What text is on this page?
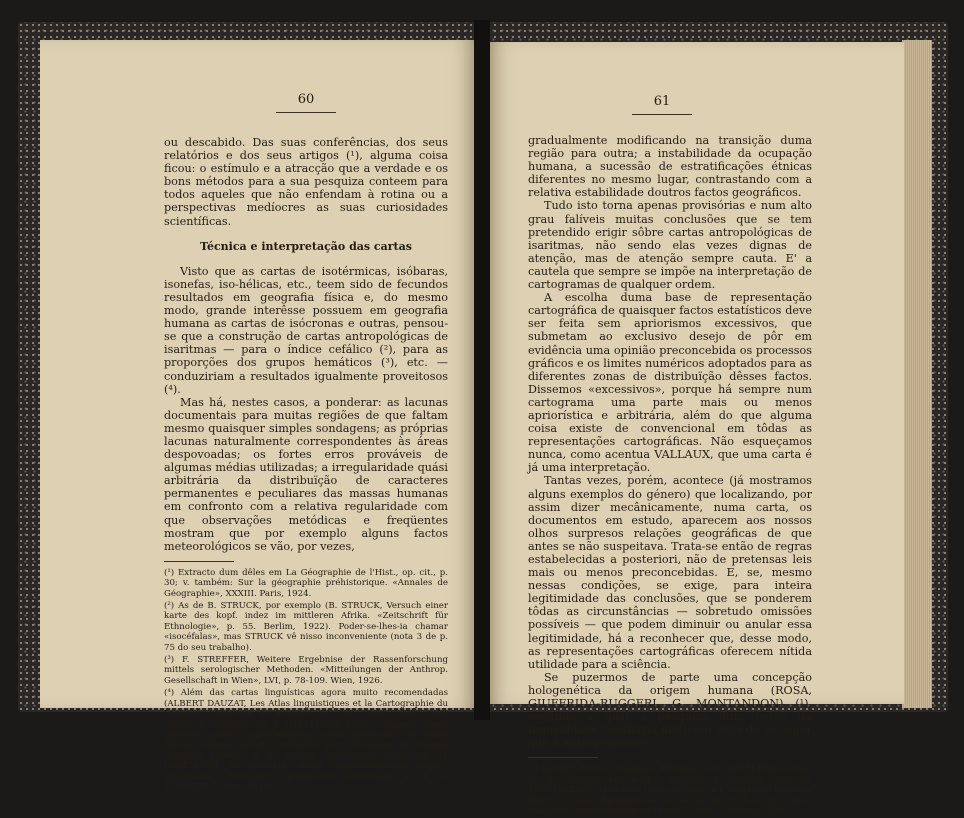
60

ou descabido. Das suas conferências, dos seus relatórios e dos seus artigos (¹), alguma coisa ficou: o estímulo e a atracção que a verdade e os bons métodos para a sua pesquiza conteem para todos aqueles que não enfendam à rotina ou a perspectivas medíocres as suas curiosidades scientíficas.

Técnica e interpretação das cartas

Visto que as cartas de isotérmicas, isóbaras, isonefas, iso-hélicas, etc., teem sido de fecundos resultados em geografia física e, do mesmo modo, grande interêsse possuem em geografia humana as cartas de isócronas e outras, pensou-se que a construção de cartas antropológicas de isaritmas — para o índice cefálico (²), para as proporções dos grupos hemáticos (³), etc. — conduziriam a resultados igualmente proveitosos (⁴).

Mas há, nestes casos, a ponderar: as lacunas documentais para muitas regiões de que faltam mesmo quaisquer simples sondagens; as próprias lacunas naturalmente correspondentes às áreas despovoadas; os fortes erros prováveis de algumas médias utilizadas; a irregularidade quási arbitrária da distribuïção de caracteres permanentes e peculiares das massas humanas em confronto com a relativa regularidade com que observações metódicas e freqüentes mostram que por exemplo alguns factos meteorológicos se vão, por vezes,

(¹) Extracto dum dêles em La Géographie de l'Hist., op. cit., p. 30; v. também: Sur la géographie préhistorique. «Annales de Géographie», XXXIII. Paris, 1924.

(²) As de B. STRUCK, por exemplo (B. STRUCK, Versuch einer karte des kopf. indez im mittleren Afrika. «Zeitschrift für Ethnologie», p. 55. Berlim, 1922). Poder-se-lhes-ia chamar «isocéfalas», mas STRUCK vê nisso inconveniente (nota 3 de p. 75 do seu trabalho).

(³) F. STREFFER, Weitere Ergebnise der Rassenforschung mittels serologischer Methoden. «Mitteilungen der Anthrop. Gesellschaft in Wien», LVI, p. 78-109. Wien, 1926.

(⁴) Além das cartas linguísticas agora muito recomendadas (ALBERT DAUZAT, Les Atlas linguistiques et la Cartographie du Langage. «Mercure de France», n.º 732. Paris, 1928), cabe referir a tentativa de J. IMBELLONI para o traçado duma primeira cadeia isoglossemática oceano-americana. Os anéis dessas cadeias seriam formados por glossemas da mesma natureza fonética e da mesma significação semântica. (J. IMBELLONI, La première chaîne isoglossématique océano-américaine. «Festschrift, publication d'hommage au P. W. SCHMIDT». Wien, 1928).

61

gradualmente modificando na transição duma região para outra; a instabilidade da ocupação humana, a sucessão de estratificações étnicas diferentes no mesmo lugar, contrastando com a relativa estabilidade doutros factos geográficos.

Tudo isto torna apenas provisórias e num alto grau falíveis muitas conclusões que se tem pretendido erigir sôbre cartas antropológicas de isaritmas, não sendo elas vezes dignas de atenção, mas de atenção sempre cauta. E' a cautela que sempre se impõe na interpretação de cartogramas de qualquer ordem.

A escolha duma base de representação cartográfica de quaisquer factos estatísticos deve ser feita sem apriorismos excessivos, que submetam ao exclusivo desejo de pôr em evidência uma opinião preconcebida os processos gráficos e os limites numéricos adoptados para as diferentes zonas de distribuïção dêsses factos. Dissemos «excessivos», porque há sempre num cartograma uma parte mais ou menos apriorística e arbitrária, além do que alguma coisa existe de convencional em tôdas as representações cartográficas. Não esqueçamos nunca, como acentua VALLAUX, que uma carta é já uma interpretação.

Tantas vezes, porém, acontece (já mostramos alguns exemplos do género) que localizando, por assim dizer mecânicamente, numa carta, os documentos em estudo, aparecem aos nossos olhos surpresos relações geográficas de que antes se não suspeitava. Trata-se então de regras estabelecidas a posteriori, não de pretensas leis mais ou menos preconcebidas. E, se, mesmo nessas condições, se exige, para inteira legitimidade das conclusões, que se ponderem tôdas as circunstâncias — sobretudo omissões possíveis — que podem diminuir ou anular essa legitimidade, há a reconhecer que, desse modo, as representações cartográficas oferecem nítida utilidade para a sciência.

Se puzermos de parte uma concepção hologenética da origem humana (ROSA, GIUFFRIDA-RUGGERI, G. MONTANDON) (¹), segundo a qual a pesquiza dum berço da humanidade resultaria inútil em vista de se supor que a antropogénese

(¹) DANIEL ROSA, Ologenesi. Firenze, 1918. GIUFFRIDA ocupa-se do assunto em muitos estudos. O recente livro de MONTANDON sôbre essa teoria intitula-se L'ologenèse humaine (Paris, 1928). Referindo-se à teoria de ROSA em vários trabalhos, especialmente no Homo (2.ª ed., Coimbra, 1926).
